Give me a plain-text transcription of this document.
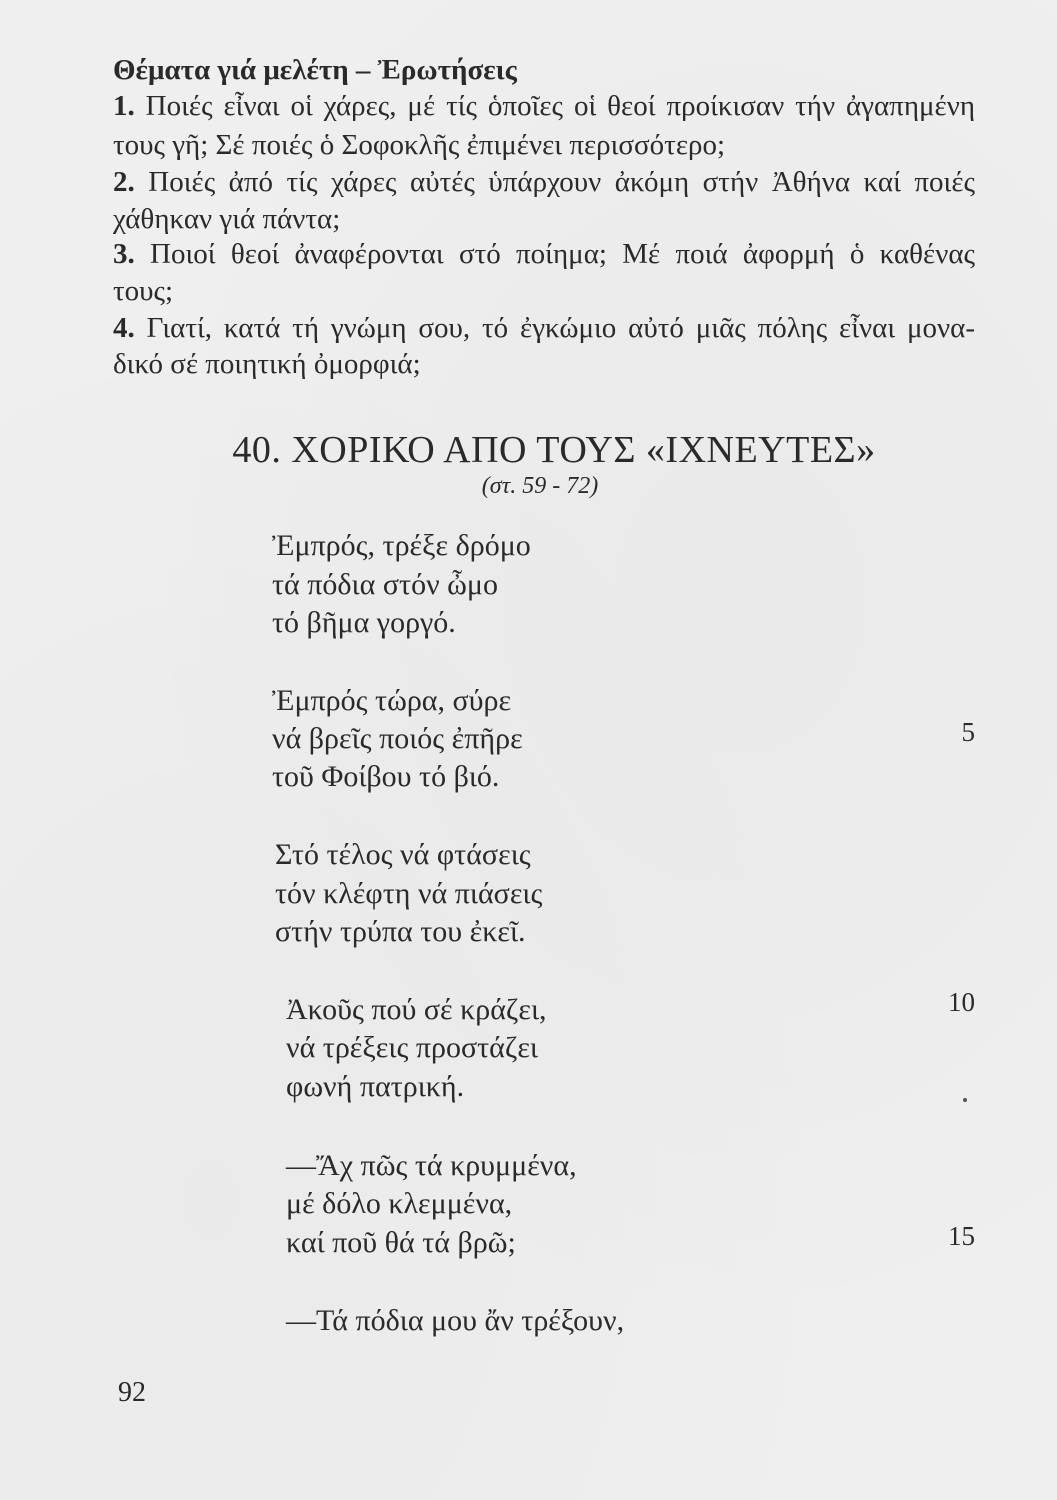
Θέματα γιά μελέτη – Ἐρωτήσεις
1. Ποιές εἶναι οἱ χάρες, μέ τίς ὁποῖες οἱ θεοί προίκισαν τήν ἀγαπημένη
τους γῆ; Σέ ποιές ὁ Σοφοκλῆς ἐπιμένει περισσότερο;
2. Ποιές ἀπό τίς χάρες αὐτές ὑπάρχουν ἀκόμη στήν Ἀθήνα καί ποιές
χάθηκαν γιά πάντα;
3. Ποιοί θεοί ἀναφέρονται στό ποίημα; Μέ ποιά ἀφορμή ὁ καθένας
τους;
4. Γιατί, κατά τή γνώμη σου, τό ἐγκώμιο αὐτό μιᾶς πόλης εἶναι μονα-
δικό σέ ποιητική ὀμορφιά;
40. ΧΟΡΙΚΟ ΑΠΟ ΤΟΥΣ «ΙΧΝΕΥΤΕΣ»
(στ. 59 - 72)
Ἐμπρός, τρέξε δρόμο
τά πόδια στόν ὦμο
τό βῆμα γοργό.
Ἐμπρός τώρα, σύρε
νά βρεῖς ποιός ἐπῆρε
τοῦ Φοίβου τό βιό.
5
Στό τέλος νά φτάσεις
τόν κλέφτη νά πιάσεις
στήν τρύπα του ἐκεῖ.
Ἀκοῦς πού σέ κράζει,
νά τρέξεις προστάζει
φωνή πατρική.
10
—Ἄχ πῶς τά κρυμμένα,
μέ δόλο κλεμμένα,
καί ποῦ θά τά βρῶ;	15
—Τά πόδια μου ἄν τρέξουν,
92
